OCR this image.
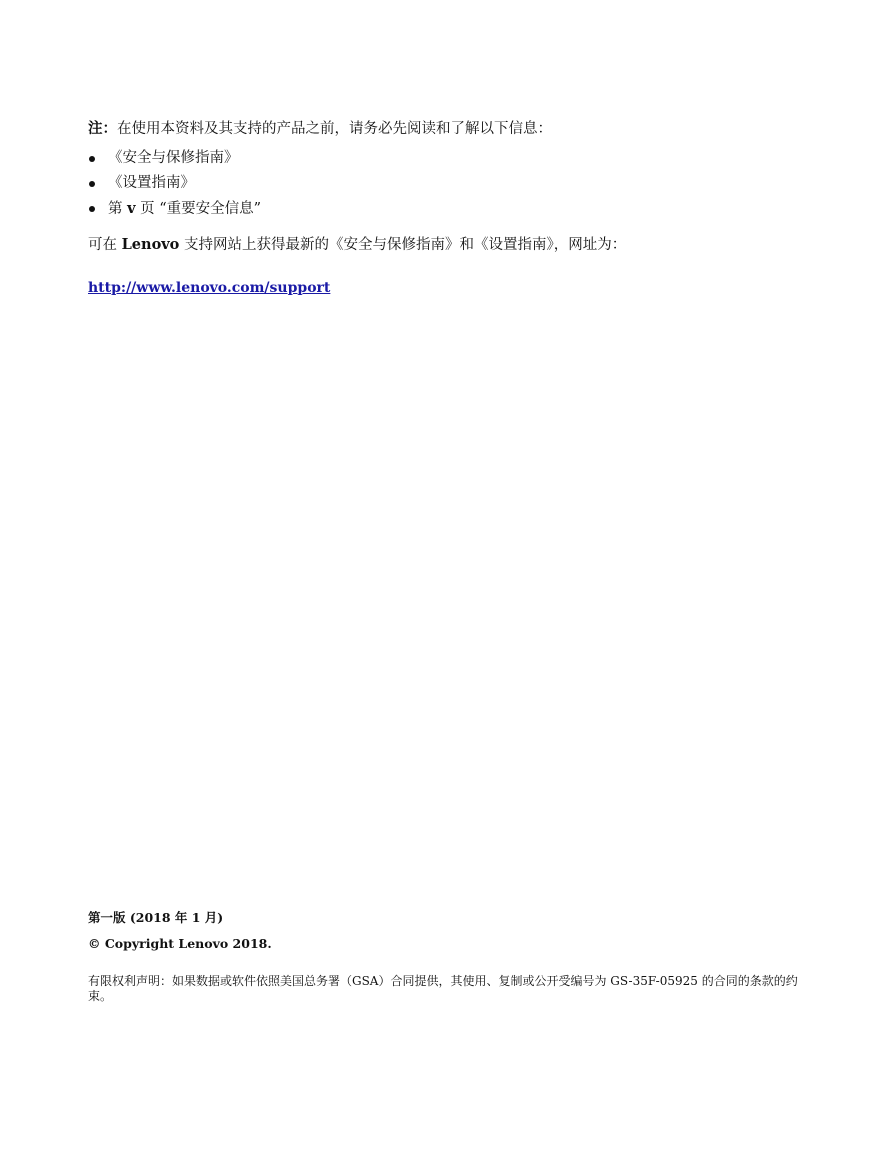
注：在使用本资料及其支持的产品之前，请务必先阅读和了解以下信息：
《安全与保修指南》
《设置指南》
第 v 页 “重要安全信息”
可在 Lenovo 支持网站上获得最新的《安全与保修指南》和《设置指南》，网址为：
http://www.lenovo.com/support
第一版 (2018 年 1 月)
© Copyright Lenovo 2018.
有限权利声明：如果数据或软件依照美国总务署（GSA）合同提供，其使用、复制或公开受编号为 GS-35F-05925 的合同的条款的约束。
